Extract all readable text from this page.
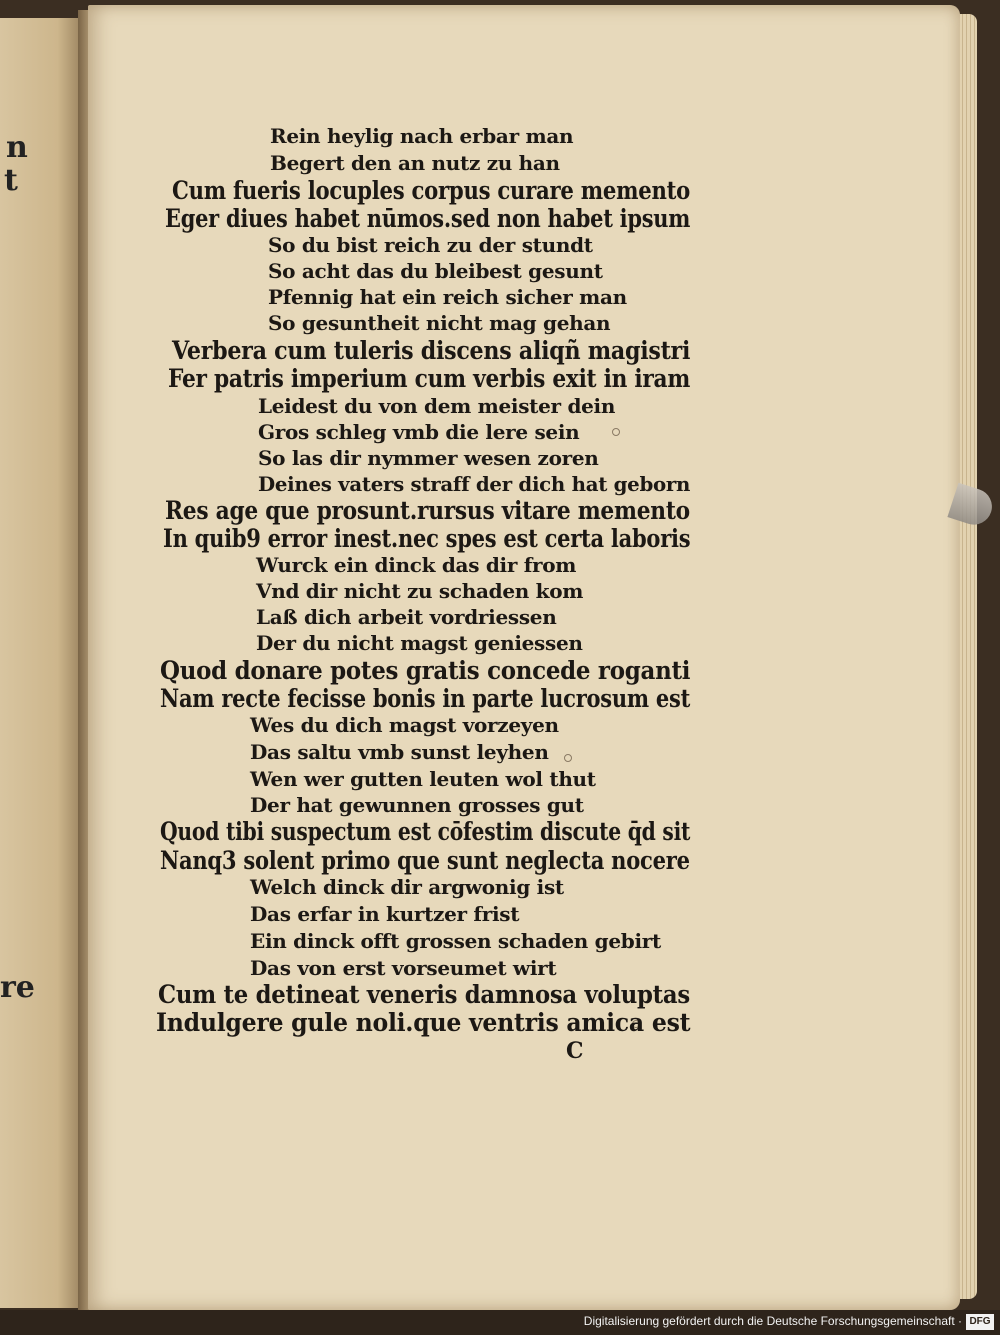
n
t
re
Rein heylig nach erbar man
Begert den an nutz zu han
Cum fueris locuples corpus curare memento
Eger diues habet nūmos.sed non habet ipsum
So du bist reich zu der stundt
So acht das du bleibest gesunt
Pfennig hat ein reich sicher man
So gesuntheit nicht mag gehan
Verbera cum tuleris discens aliqñ magistri
Fer patris imperium cum verbis exit in iram
Leidest du von dem meister dein
Gros schleg vmb die lere sein
So las dir nymmer wesen zoren
Deines vaters straff der dich hat geborn
Res age que prosunt.rursus vitare memento
In quib9 error inest.nec spes est certa laboris
Wurck ein dinck das dir from
Vnd dir nicht zu schaden kom
Laß dich arbeit vordriessen
Der du nicht magst geniessen
Quod donare potes gratis concede roganti
Nam recte fecisse bonis in parte lucrosum est
Wes du dich magst vorzeyen
Das saltu vmb sunst leyhen
Wen wer gutten leuten wol thut
Der hat gewunnen grosses gut
Quod tibi suspectum est cōfestim discute q̄d sit
Nanq3 solent primo que sunt neglecta nocere
Welch dinck dir argwonig ist
Das erfar in kurtzer frist
Ein dinck offt grossen schaden gebirt
Das von erst vorseumet wirt
Cum te detineat veneris damnosa voluptas
Indulgere gule noli.que ventris amica est
C
Digitalisierung gefördert durch die Deutsche Forschungsgemeinschaft · DFG
